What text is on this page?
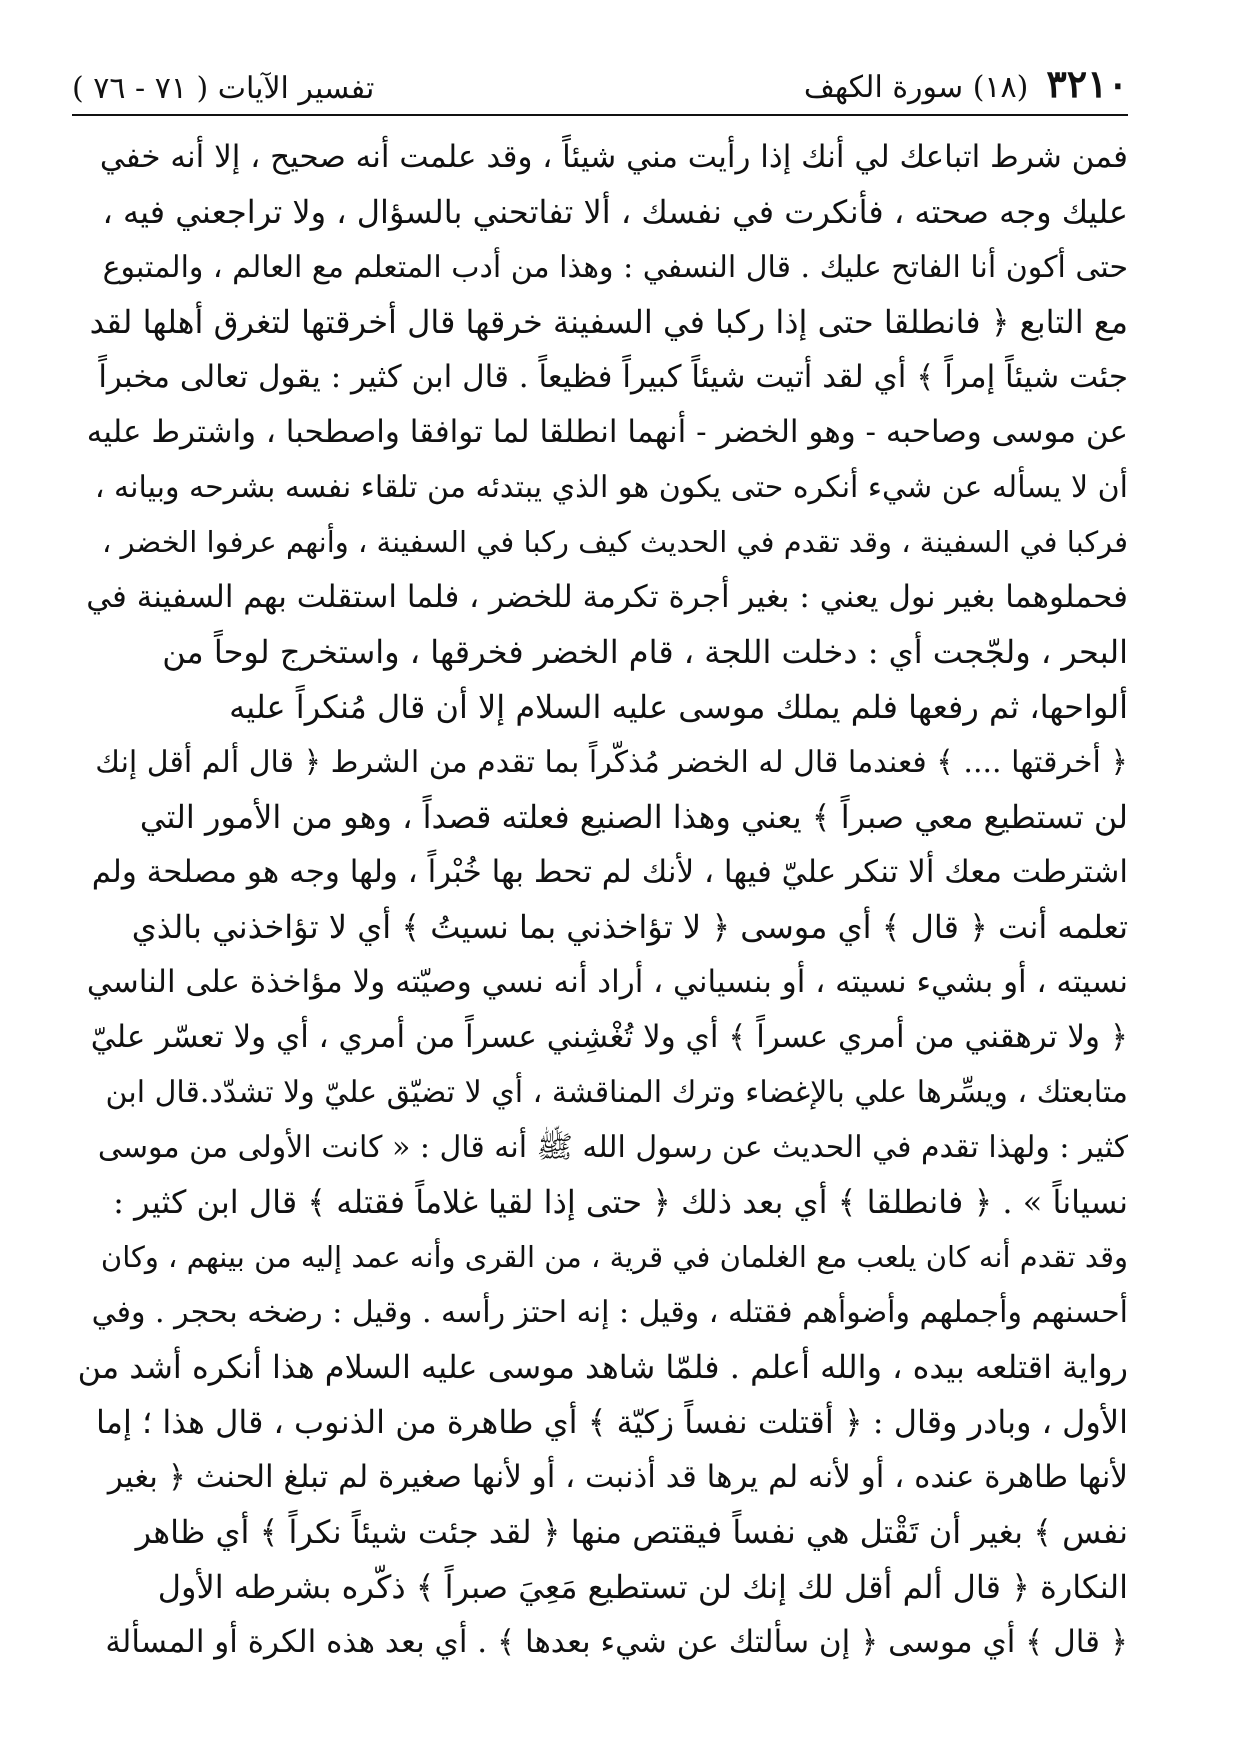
٣٢١٠
(١٨) سورة الكهف
تفسير الآيات ( ٧١ - ٧٦ )
فمن شرط اتباعك لي أنك إذا رأيت مني شيئاً ، وقد علمت أنه صحيح ، إلا أنه خفي
عليك وجه صحته ، فأنكرت في نفسك ، ألا تفاتحني بالسؤال ، ولا تراجعني فيه ،
حتى أكون أنا الفاتح عليك . قال النسفي : وهذا من أدب المتعلم مع العالم ، والمتبوع
مع التابع ﴿ فانطلقا حتى إذا ركبا في السفينة خرقها قال أخرقتها لتغرق أهلها لقد
جئت شيئاً إمراً ﴾ أي لقد أتيت شيئاً كبيراً فظيعاً . قال ابن كثير : يقول تعالى مخبراً
عن موسى وصاحبه - وهو الخضر - أنهما انطلقا لما توافقا واصطحبا ، واشترط عليه
أن لا يسأله عن شيء أنكره حتى يكون هو الذي يبتدئه من تلقاء نفسه بشرحه وبيانه ،
فركبا في السفينة ، وقد تقدم في الحديث كيف ركبا في السفينة ، وأنهم عرفوا الخضر ،
فحملوهما بغير نول يعني : بغير أجرة تكرمة للخضر ، فلما استقلت بهم السفينة في
البحر ، ولجّجت أي : دخلت اللجة ، قام الخضر فخرقها ، واستخرج لوحاً من
ألواحها، ثم رفعها فلم يملك موسى عليه السلام إلا أن قال مُنكراً عليه
﴿ أخرقتها .... ﴾ فعندما قال له الخضر مُذكّراً بما تقدم من الشرط ﴿ قال ألم أقل إنك
لن تستطيع معي صبراً ﴾ يعني وهذا الصنيع فعلته قصداً ، وهو من الأمور التي
اشترطت معك ألا تنكر عليّ فيها ، لأنك لم تحط بها خُبْراً ، ولها وجه هو مصلحة ولم
تعلمه أنت ﴿ قال ﴾ أي موسى ﴿ لا تؤاخذني بما نسيتُ ﴾ أي لا تؤاخذني بالذي
نسيته ، أو بشيء نسيته ، أو بنسياني ، أراد أنه نسي وصيّته ولا مؤاخذة على الناسي
﴿ ولا ترهقني من أمري عسراً ﴾ أي ولا تُغْشِني عسراً من أمري ، أي ولا تعسّر عليّ
متابعتك ، ويسِّرها علي بالإغضاء وترك المناقشة ، أي لا تضيّق عليّ ولا تشدّد.قال ابن
كثير : ولهذا تقدم في الحديث عن رسول الله ﷺ أنه قال : « كانت الأولى من موسى
نسياناً » . ﴿ فانطلقا ﴾ أي بعد ذلك ﴿ حتى إذا لقيا غلاماً فقتله ﴾ قال ابن كثير :
وقد تقدم أنه كان يلعب مع الغلمان في قرية ، من القرى وأنه عمد إليه من بينهم ، وكان
أحسنهم وأجملهم وأضوأهم فقتله ، وقيل : إنه احتز رأسه . وقيل : رضخه بحجر . وفي
رواية اقتلعه بيده ، والله أعلم . فلمّا شاهد موسى عليه السلام هذا أنكره أشد من
الأول ، وبادر وقال : ﴿ أقتلت نفساً زكيّة ﴾ أي طاهرة من الذنوب ، قال هذا ؛ إما
لأنها طاهرة عنده ، أو لأنه لم يرها قد أذنبت ، أو لأنها صغيرة لم تبلغ الحنث ﴿ بغير
نفس ﴾ بغير أن تَقْتل هي نفساً فيقتص منها ﴿ لقد جئت شيئاً نكراً ﴾ أي ظاهر
النكارة ﴿ قال ألم أقل لك إنك لن تستطيع مَعِيَ صبراً ﴾ ذكّره بشرطه الأول
﴿ قال ﴾ أي موسى ﴿ إن سألتك عن شيء بعدها ﴾ . أي بعد هذه الكرة أو المسألة
